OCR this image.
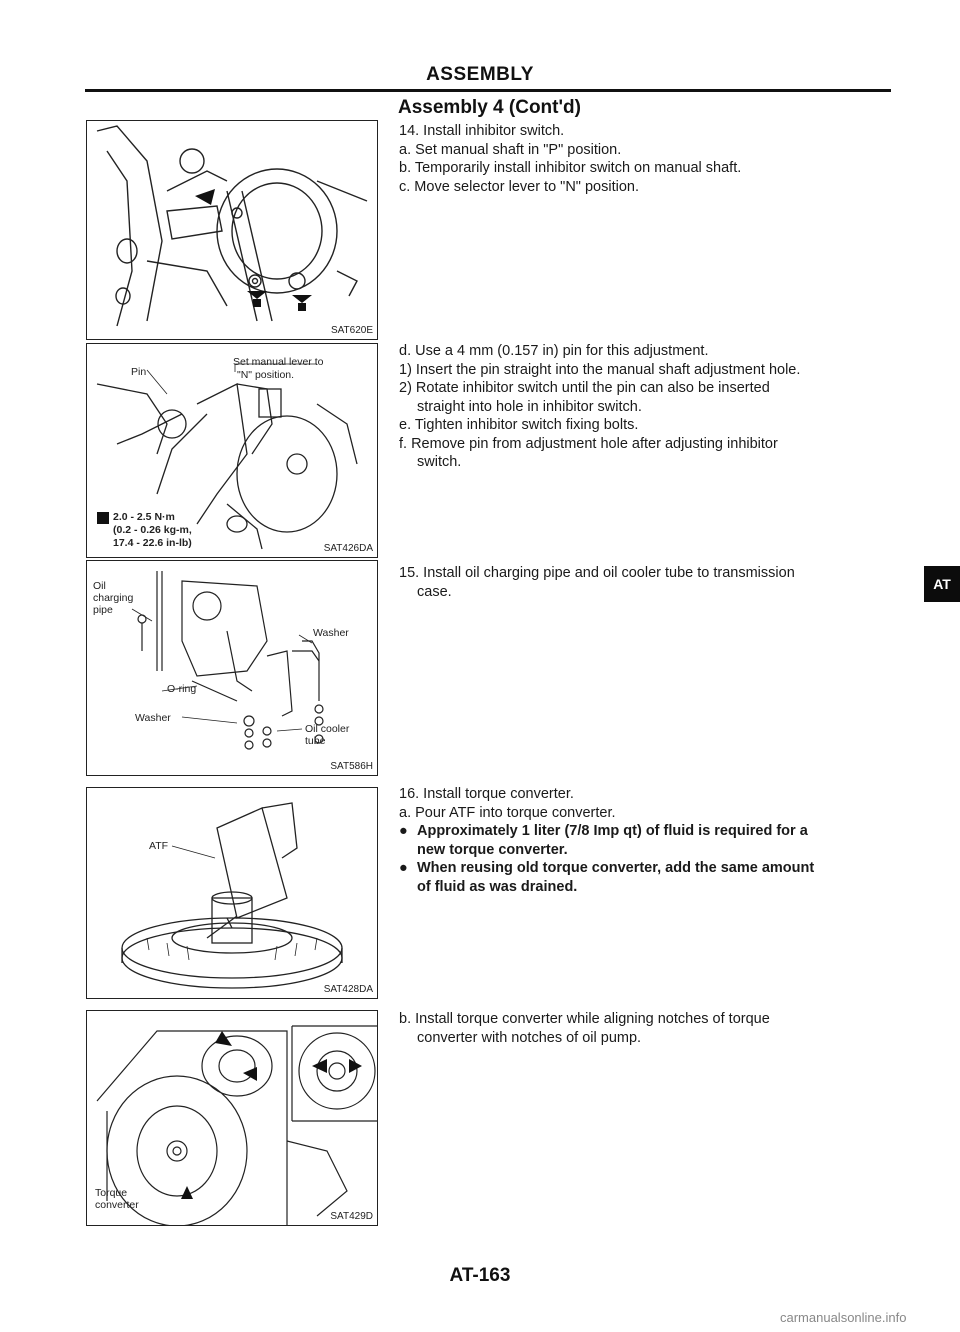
ASSEMBLY
Assembly 4 (Cont'd)
SAT620E
Set manual lever to
"N" position.
Pin
2.0 - 2.5 N·m
(0.2 - 0.26 kg-m,
17.4 - 22.6 in-lb)	SAT426DA
Oil
charging
pipe
Washer
O-ring
Washer
Oil cooler
tube
SAT586H
ATF
SAT428DA
Torque
converter
SAT429D
14. Install inhibitor switch.
a. Set manual shaft in "P" position.
b. Temporarily install inhibitor switch on manual shaft.
c. Move selector lever to "N" position.
d. Use a 4 mm (0.157 in) pin for this adjustment.
1) Insert the pin straight into the manual shaft adjustment hole.
2) Rotate inhibitor switch until the pin can also be inserted
straight into hole in inhibitor switch.
e. Tighten inhibitor switch fixing bolts.
f. Remove pin from adjustment hole after adjusting inhibitor
switch.
15. Install oil charging pipe and oil cooler tube to transmission
case.
16. Install torque converter.
a. Pour ATF into torque converter.
● Approximately 1 liter (7/8 Imp qt) of fluid is required for a
new torque converter.
● When reusing old torque converter, add the same amount
of fluid as was drained.
b. Install torque converter while aligning notches of torque
converter with notches of oil pump.
AT
AT-163
carmanualsonline.info
